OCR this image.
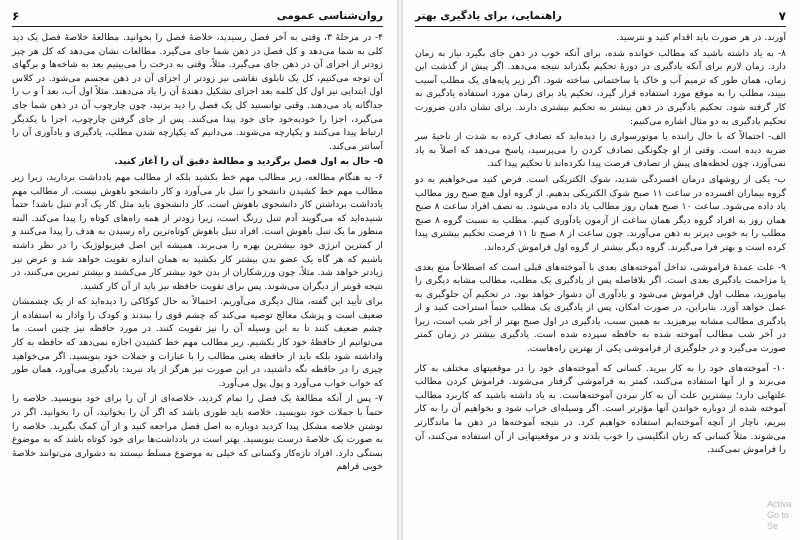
روان‌شناسی عمومی
۶

۴- در مرحلهٔ ۳، وقتی به آخر فصل رسیدید، خلاصهٔ فصل را بخوانید. مطالعهٔ خلاصهٔ فصل یک دید کلی به شما می‌دهد و کل فصل در ذهن شما جای می‌گیرد. مطالعات نشان می‌دهد که کل هر چیز زودتر از اجزای آن در ذهن جای می‌گیرد. مثلاً، وقتی به درخت را می‌بینیم بعد به شاخه‌ها و برگهای آن توجه می‌کنیم، کل یک تابلوی نقاشی نیز زودتر از اجزای آن در ذهن مجسم می‌شود. در کلاس اول ابتدایی نیز اول کل کلمه بعد اجزای تشکیل دهندهٔ آن را یاد می‌دهند. مثلاً اول آب، بعد آ و ب را جداگانه یاد می‌دهند. وقتی توانستید کل یک فصل را دید بزنید، چون چارچوب آن در ذهن شما جای می‌گیرد، اجزا را خود‌به‌خود جای خود پیدا می‌کنند. پس از جای گرفتن چارچوب، اجزا با یکدیگر ارتباط پیدا می‌کنند و یکپارچه می‌شوند. می‌دانیم که یکپارچه شدن مطلب، یادگیری و یادآوری آن را آسانتر می‌کند.

۵- حال به اول فصل برگردید و مطالعهٔ دقیق آن را آغاز کنید.

۶- به هنگام مطالعه، زیر مطالب مهم خط بکشید بلکه از مطالب مهم یادداشت بردارید، زیرا زیر مطالب مهم خط کشیدن دانشجو را تنبل بار می‌آورد و کار دانشجو باهوش نیست. از مطالب مهم یادداشت برداشتن کار دانشجوی باهوش است. کار دانشجوی باید مثل کار یک آدم تنبل باشد! حتماً شنیده‌اید که می‌گویند آدم تنبل زرنگ است، زیرا زودتر از همه راه‌های کوتاه را پیدا می‌کند. البته منظور ما یک تنبل باهوش است. افراد تنبل باهوش کوتاه‌ترین راه رسیدن به هدف را پیدا می‌کنند و از کمترین انرژی خود بیشترین بهره را می‌برند. همیشه این اصل فیزیولوژیک را در نظر داشته باشیم که هر گاه یک عضو بدن بیشتر کار بکشید به همان اندازه تقویت خواهد شد و عرض نیز زیادتر خواهد شد. مثلاً، چون ورزشکاران از بدن خود بیشتر کار می‌کشند و بیشتر تمرین می‌کنند، در نتیجه قویتر از دیگران می‌شوند. پس برای تقویت حافظه نیز باید از آن کار کشید.

برای تأیید این گفته، مثال دیگری می‌آوریم. احتمالاً به حال کوکاکی را دیده‌اید که از یک چشمشان ضعیف است و پزشک معالج توصیه می‌کند که چشم قوی را ببندند و کودک را وادار به استفاده از چشم ضعیف کنند تا به این وسیله آن را نیز تقویت کنند. در مورد حافظه نیز چنین است. ما می‌توانیم از حافظهٔ خود کار بکشیم. زیر مطالب مهم خط کشیدن اجازه نمی‌دهد که حافظه به کار واداشته شود بلکه باید از حافظه یعنی مطالب را با عبارات و جملات خود بنویسید. اگر می‌خواهید چیزی را در حافظه نگه داشتید، در این صورت نیز هرگز از یاد نبرید: یادگیری می‌آورد، همان طور که خواب خواب می‌آورد و پول پول می‌آورد.

۷- پس از آنکه مطالعهٔ یک فصل را تمام کردید، خلاصه‌ای از آن را برای خود بنویسید. خلاصه را حتماً با جملات خود بنویسید. خلاصه باید طوری باشد که اگر آن را بخوانید، آن را بخوانید. اگر در نوشتن خلاصه مشکل پیدا کردید دوباره به اصل فصل مراجعه کنید و از آن کمک بگیرید. خلاصه را به صورت یک خلاصهٔ درست بنویسید. بهتر است در یادداشت‌ها برای خود کوتاه باشد که به موضوع بستگی دارد. افزاد تازه‌کار وکسانی که خیلی به موضوع مسلط نیستند به دشواری می‌توانند خلاصهٔ خوبی فراهم

۷
راهنمایی، برای یادگیری بهتر

آورند. در هر صورت باید اقدام کنید و نترسید.

۸- به یاد داشته باشید که مطالب خوانده شده، برای آنکه خوب در ذهن جای بگیرد نیاز به زمان دارد. زمان لازم برای آنکه یادگیری در دورهٔ تحکیم بگذراند نتیجه می‌دهد. اگر پیش از گذشت این زمان، همان طور که ترمیم آب و خاک یا ساختمانی ساخته شود. اگر زیر پایه‌های یک مطلب آسیب ببیند، مطلب را به موقع مورد استفاده قرار گیرد، تحکیم یاد برای زمان مورد استفاده یادگیری به کار گرفته شود. تحکیم یادگیری در ذهن بیشتر به تحکیم بیشتری دارند. برای نشان دادن ضرورت تحکیم یادگیری به دو مثال اشاره می‌کنیم:

الف- احتمالاً که با حال راننده یا موتورسواری را دیده‌اید که تصادف کرده به شدت از ناحیهٔ سر ضربه دیده است. وقتی از او چگونگی تصادف کردن را می‌پرسید، پاسخ می‌دهد که اصلاً به یاد نمی‌آورد، چون لحظه‌های پیش از تصادف فرصت پیدا نکرده‌اند تا تحکیم پیدا کند.

ب- یکی از روشهای درمان افسردگی شدید، شوک الکتریکی است. فرض کنید می‌خواهیم به دو گروه بیماران افسرده در ساعت ۱۱ صبح شوک الکتریکی بدهیم. از گروه اول هیچ صبح روز مطالب یاد داده می‌شود. ساعت ۱۰ صبح همان روز مطالب یاد داده می‌شود. به نصف افراد ساعت ۸ صبح همان روز به افراد گروه دیگر همان ساعت از آزمون یادآوری کنیم. مطلب به نسبت گروه ۸ صبح مطلب را به خوبی دیرتر به ذهن می‌آورند. چون ساعت از ۸ صبح تا ۱۱ فرصت تحکیم بیشتری پیدا کرده است و بهتر فرا می‌گیرند. گروه دیگر بیشتر از گروه اول فراموش کرده‌اند.

۹- علت عمدهٔ فراموشی، تداخل آموخته‌های بعدی با آموخته‌های قبلی است که اصطلاحاً منع بعدی یا مزاحمت یادگیری بعدی است. اگر بلافاصله پس از یادگیری یک مطلب، مطالب مشابه دیگری را بیاموزید، مطلب اول فراموش می‌شود و یادآوری آن دشوار خواهد بود. در تحکیم آن جلوگیری به عمل خواهد آورد. بنابراین، در صورت امکان، پس از یادگیری یک مطلب حتماً استراحت کنید و از یادگیری مطالب مشابه بپرهیزید. به همین سبب، یادگیری در اول صبح بهتر از آخر شب است، زیرا در آخر شب مطالب آموخته شده به حافظه سپرده شده است. یادگیری بیشتر در زمان کمتر صورت می‌گیرد و در جلوگیری از فراموشی یکی از بهترین راه‌هاست.

۱۰- آموخته‌های خود را به کار ببرید. کسانی که آموخته‌های خود را در موقعیتهای مختلف به کار می‌برند و از آنها استفاده می‌کنند، کمتر به فراموشی گرفتار می‌شوند. فراموش کردن مطالب علتهایی دارد؛ بیشترین علت آن به کار نبردن آموخته‌هاست. به یاد داشته باشید که کاربرد مطالب آموخته شده از دوباره خواندن آنها مؤثرتر است. اگر وسیله‌ای خراب شود و بخواهیم آن را به کار ببریم، ناچار از آنچه آموخته‌ایم استفاده خواهیم کرد. در نتیجه آموخته‌ها در ذهن ما ماندگارتر می‌شوند. مثلاً کسانی که زبان انگلیسی را خوب بلدند و در موقعیتهایی از آن استفاده می‌کنند، آن را فراموش نمی‌کنند.

Activa
Go to Se
